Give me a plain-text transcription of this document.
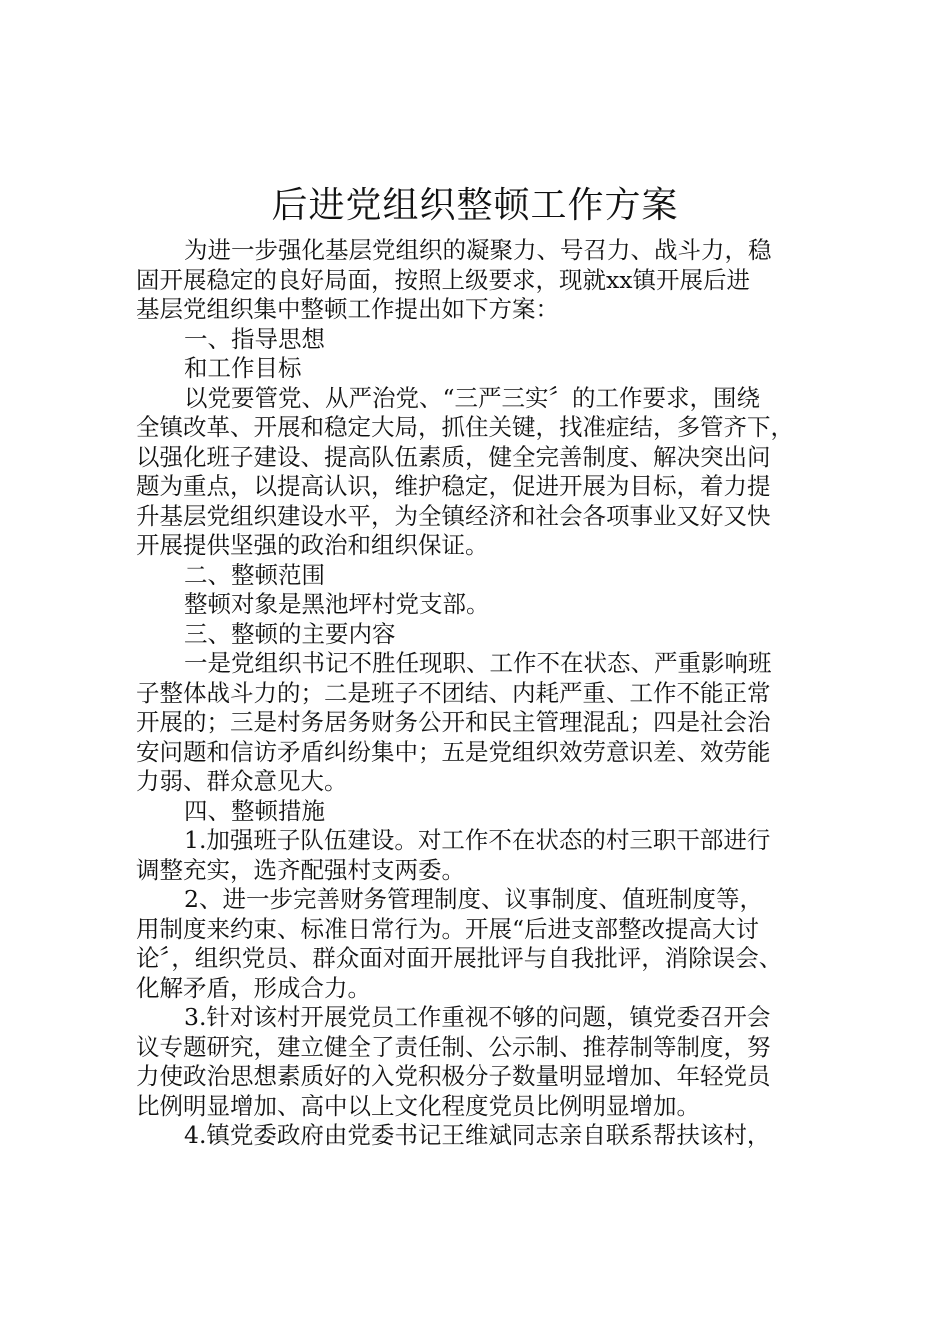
后进党组织整顿工作方案
为进一步强化基层党组织的凝聚力、号召力、战斗力，稳
固开展稳定的良好局面，按照上级要求，现就xx镇开展后进
基层党组织集中整顿工作提出如下方案：
一、指导思想
和工作目标
以党要管党、从严治党、“三严三实〞的工作要求，围绕
全镇改革、开展和稳定大局，抓住关键，找准症结，多管齐下，
以强化班子建设、提高队伍素质，健全完善制度、解决突出问
题为重点，以提高认识，维护稳定，促进开展为目标，着力提
升基层党组织建设水平，为全镇经济和社会各项事业又好又快
开展提供坚强的政治和组织保证。
二、整顿范围
整顿对象是黑池坪村党支部。
三、整顿的主要内容
一是党组织书记不胜任现职、工作不在状态、严重影响班
子整体战斗力的；二是班子不团结、内耗严重、工作不能正常
开展的；三是村务居务财务公开和民主管理混乱；四是社会治
安问题和信访矛盾纠纷集中；五是党组织效劳意识差、效劳能
力弱、群众意见大。
四、整顿措施
1.加强班子队伍建设。对工作不在状态的村三职干部进行
调整充实，选齐配强村支两委。
2、进一步完善财务管理制度、议事制度、值班制度等，
用制度来约束、标准日常行为。开展“后进支部整改提高大讨
论〞，组织党员、群众面对面开展批评与自我批评，消除误会、
化解矛盾，形成合力。
3.针对该村开展党员工作重视不够的问题，镇党委召开会
议专题研究，建立健全了责任制、公示制、推荐制等制度，努
力使政治思想素质好的入党积极分子数量明显增加、年轻党员
比例明显增加、高中以上文化程度党员比例明显增加。
4.镇党委政府由党委书记王维斌同志亲自联系帮扶该村，
